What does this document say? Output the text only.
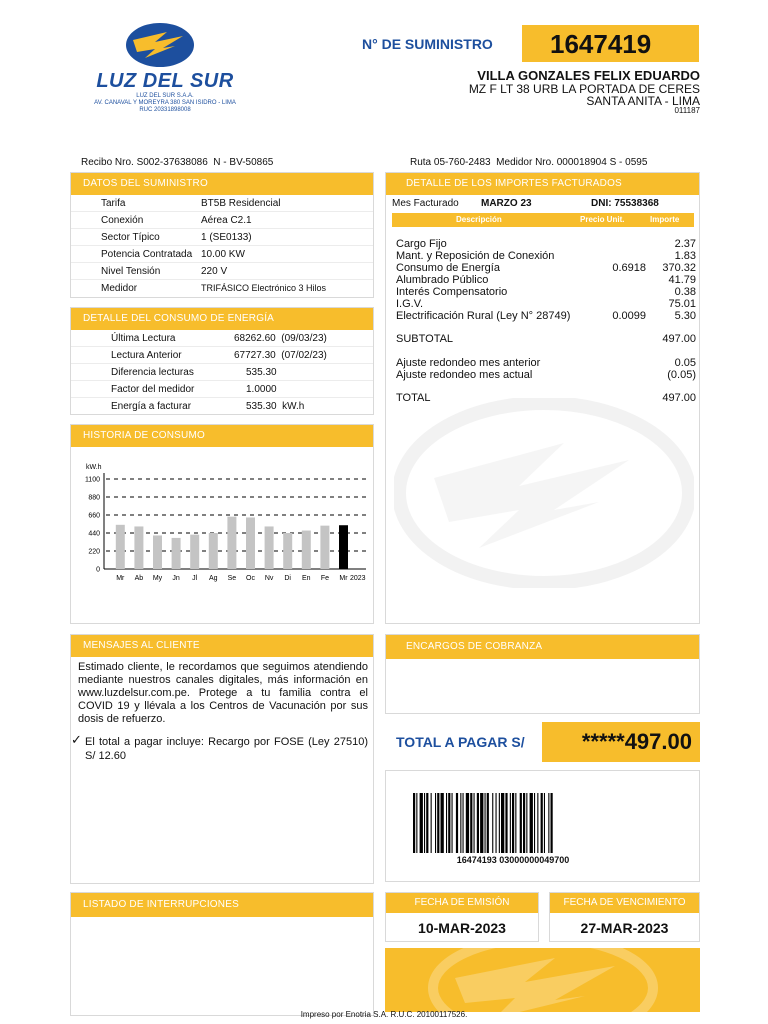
LUZ DEL SUR
LUZ DEL SUR S.A.A.
AV. CANAVAL Y MOREYRA 380 SAN ISIDRO - LIMA
RUC 20331898008
N° DE SUMINISTRO 1647419
VILLA GONZALES FELIX EDUARDO
MZ F LT 38 URB LA PORTADA DE CERES
SANTA ANITA - LIMA
011187
Recibo Nro. S002-37638086  N - BV-50865	Ruta 05-760-2483  Medidor Nro. 000018904 S - 0595
DATOS DEL SUMINISTRO
Tarifa	BT5B Residencial
Conexión	Aérea C2.1
Sector Típico	1 (SE0133)
Potencia Contratada 10.00 KW
Nivel Tensión	220 V
Medidor	TRIFÁSICO Electrónico 3 Hilos
DETALLE DEL CONSUMO DE ENERGÍA
Última Lectura	68262.60  (09/03/23)
Lectura Anterior	67727.30  (07/02/23)
Diferencia lecturas	535.30
Factor del medidor	1.0000
Energía a facturar	535.30  kW.h
HISTORIA DE CONSUMO
kW.h
0
220
440
660
880
1100
Mr Ab My Jn Jl Ag Se Oc Nv Di En Fe Mr 2023
DETALLE DE LOS IMPORTES FACTURADOS
Mes Facturado MARZO 23	DNI: 75538368
Descripción	Precio Unit.	Importe
Cargo Fijo	2.37
Mant. y Reposición de Conexión	1.83
Consumo de Energía	0.6918	370.32
Alumbrado Público	41.79
Interés Compensatorio	0.38
I.G.V.	75.01
Electrificación Rural (Ley N° 28749)	0.0099	5.30
SUBTOTAL	497.00
Ajuste redondeo mes anterior	0.05
Ajuste redondeo mes actual	(0.05)
TOTAL	497.00
MENSAJES AL CLIENTE
Estimado cliente, le recordamos que seguimos atendiendo mediante nuestros canales digitales, más información en www.luzdelsur.com.pe. Protege a tu familia contra el COVID 19 y llévala a los Centros de Vacunación por sus dosis de refuerzo.
✓ El total a pagar incluye: Recargo por FOSE (Ley 27510) S/ 12.60
ENCARGOS DE COBRANZA
TOTAL A PAGAR S/	*****497.00
16474193 03000000049700
LISTADO DE INTERRUPCIONES	FECHA DE EMISIÓN
10-MAR-2023
FECHA DE VENCIMIENTO
27-MAR-2023
Impreso por Enotria S.A. R.U.C. 20100117526.
